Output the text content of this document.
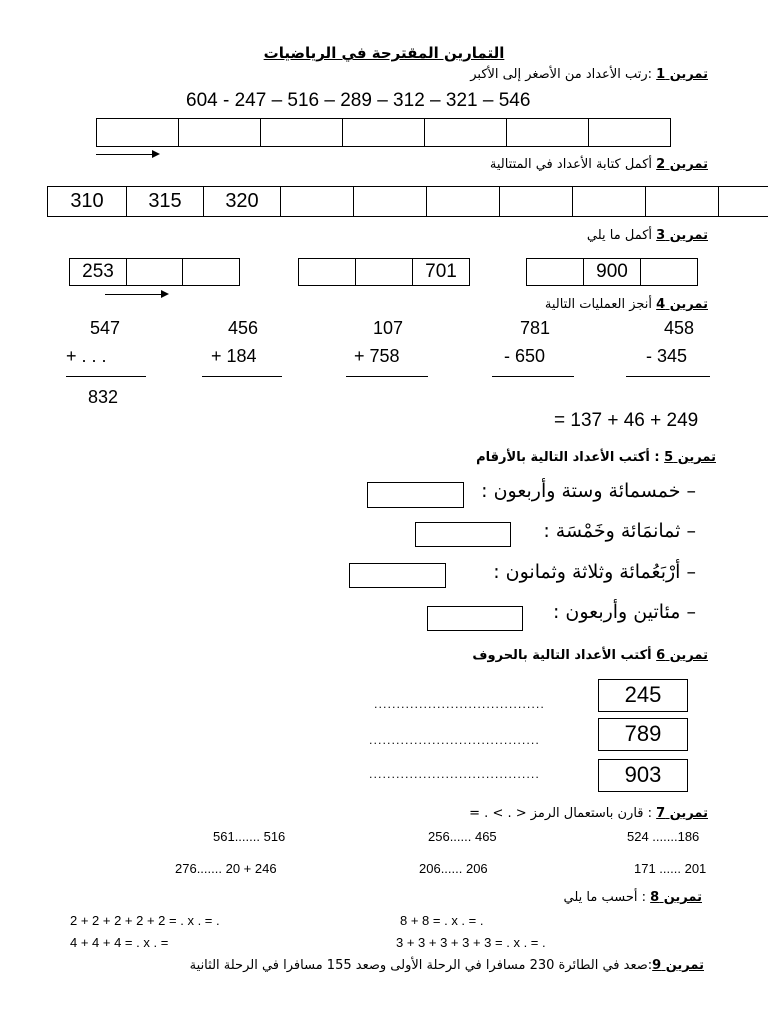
التمارين المقترحة في الرياضيات
تمرين 1 :رتب الأعداد من الأصغر إلى الأكبر
604 - 247 – 516 – 289 – 312 – 321 – 546
تمرين 2 أكمل كتابة الأعداد في المتتالية
310	315	320
تمرين 3 أكمل ما يلي
253	701	900
تمرين 4 أنجز العمليات التالية
547
+ . . .
832
456
+ 184
107
+ 758
781
- 650
458
- 345
= 137 + 46 + 249
تمرين 5 : أكتب الأعداد التالية بالأرقام
– خمسمائة وستة وأربعون :
– ثمانمَائة وخَمْسَة :
– أرْبَعُمائة وثلاثة وثمانون :
– مئاتين وأربعون :
تمرين 6 أكتب الأعداد التالية بالحروف
245
......................................
789
......................................
903
......................................
تمرين 7 : قارن باستعمال الرمز < . > . =
524 .......186
256...... 465
561....... 516
171 ...... 201
206...... 206
276....... 20 + 246
تمرين 8 : أحسب ما يلي
2 + 2 + 2 + 2 + 2 = . x . = .	8 + 8 = . x . = .
4 + 4 + 4 = . x . =	3 + 3 + 3 + 3 + 3 = . x . = .
تمرين 9:صعد في الطائرة 230 مسافرا في الرحلة الأولى وصعد 155 مسافرا في الرحلة الثانية
